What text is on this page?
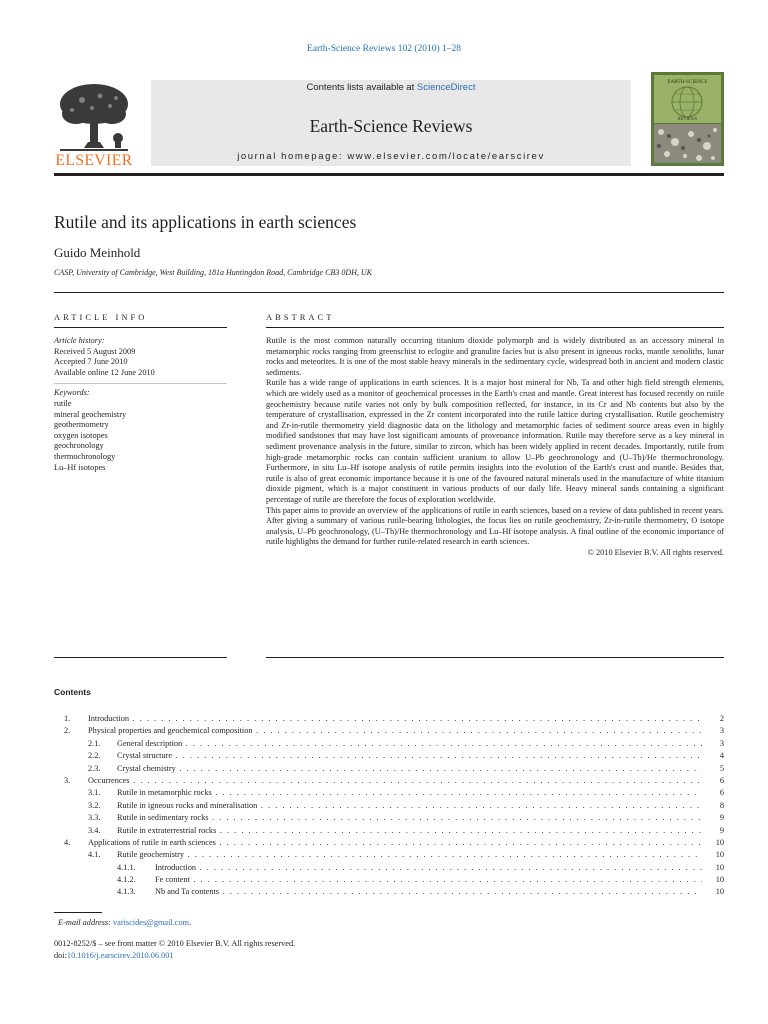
Earth-Science Reviews 102 (2010) 1–28
ELSEVIER
Contents lists available at ScienceDirect
Earth-Science Reviews
journal homepage: www.elsevier.com/locate/earscirev
EARTH-SCIENCE
REVIEWS
Rutile and its applications in earth sciences
Guido Meinhold
CASP, University of Cambridge, West Building, 181a Huntingdon Road, Cambridge CB3 0DH, UK
ARTICLE INFO	ABSTRACT
Article history:
Received 5 August 2009
Accepted 7 June 2010
Available online 12 June 2010
Keywords:
rutile
mineral geochemistry
geothermometry
oxygen isotopes
geochronology
thermochronology
Lu–Hf isotopes

Rutile is the most common naturally occurring titanium dioxide polymorph and is widely distributed as an accessory mineral in metamorphic rocks ranging from greenschist to eclogite and granulite facies but is also present in igneous rocks, mantle xenoliths, lunar rocks and meteorites. It is one of the most stable heavy minerals in the sedimentary cycle, widespread both in ancient and modern clastic sediments.

Rutile has a wide range of applications in earth sciences. It is a major host mineral for Nb, Ta and other high field strength elements, which are widely used as a monitor of geochemical processes in the Earth's crust and mantle. Great interest has focused recently on rutile geochemistry because rutile varies not only by bulk composition reflected, for instance, in its Cr and Nb contents but also by the temperature of crystallisation, expressed in the Zr content incorporated into the rutile lattice during crystallisation. Rutile geochemistry and Zr-in-rutile thermometry yield diagnostic data on the lithology and metamorphic facies of sediment source areas even in highly modified sandstones that may have lost significant amounts of provenance information. Rutile may therefore serve as a key mineral in sediment provenance analysis in the future, similar to zircon, which has been widely applied in recent decades. Importantly, rutile from high-grade metamorphic rocks can contain sufficient uranium to allow U–Pb geochronology and (U–Th)/He thermochronology. Furthermore, in situ Lu–Hf isotope analysis of rutile permits insights into the evolution of the Earth's crust and mantle. Besides that, rutile is also of great economic importance because it is one of the favoured natural minerals used in the manufacture of white titanium dioxide pigment, which is a major constituent in various products of our daily life. Heavy mineral sands containing a significant percentage of rutile are therefore the focus of exploration worldwide.

This paper aims to provide an overview of the applications of rutile in earth sciences, based on a review of data published in recent years. After giving a summary of various rutile-bearing lithologies, the focus lies on rutile geochemistry, Zr-in-rutile thermometry, O isotope analysis, U–Pb geochronology, (U–Th)/He thermochronology and Lu–Hf isotope analysis. A final outline of the economic importance of rutile highlights the demand for further rutile-related research in earth sciences.

© 2010 Elsevier B.V. All rights reserved.

Contents
1. Introduction . . .	2
2. Physical properties and geochemical composition . . .	3
2.1. General description . . .	3
2.2. Crystal structure . . .	4
2.3. Crystal chemistry . . .	5
3. Occurrences . . .	6
3.1. Rutile in metamorphic rocks . . .	6
3.2. Rutile in igneous rocks and mineralisation . . .	8
3.3. Rutile in sedimentary rocks . . .	9
3.4. Rutile in extraterrestrial rocks . . .	9
4. Applications of rutile in earth sciences . . .	10
4.1. Rutile geochemistry . . .	10
4.1.1. Introduction . . .	10
4.1.2. Fe content . . .	10
4.1.3. Nb and Ta contents . . .	10
E-mail address: variscides@gmail.com.
0012-8252/$ – see front matter © 2010 Elsevier B.V. All rights reserved.
doi:10.1016/j.earscirev.2010.06.001
